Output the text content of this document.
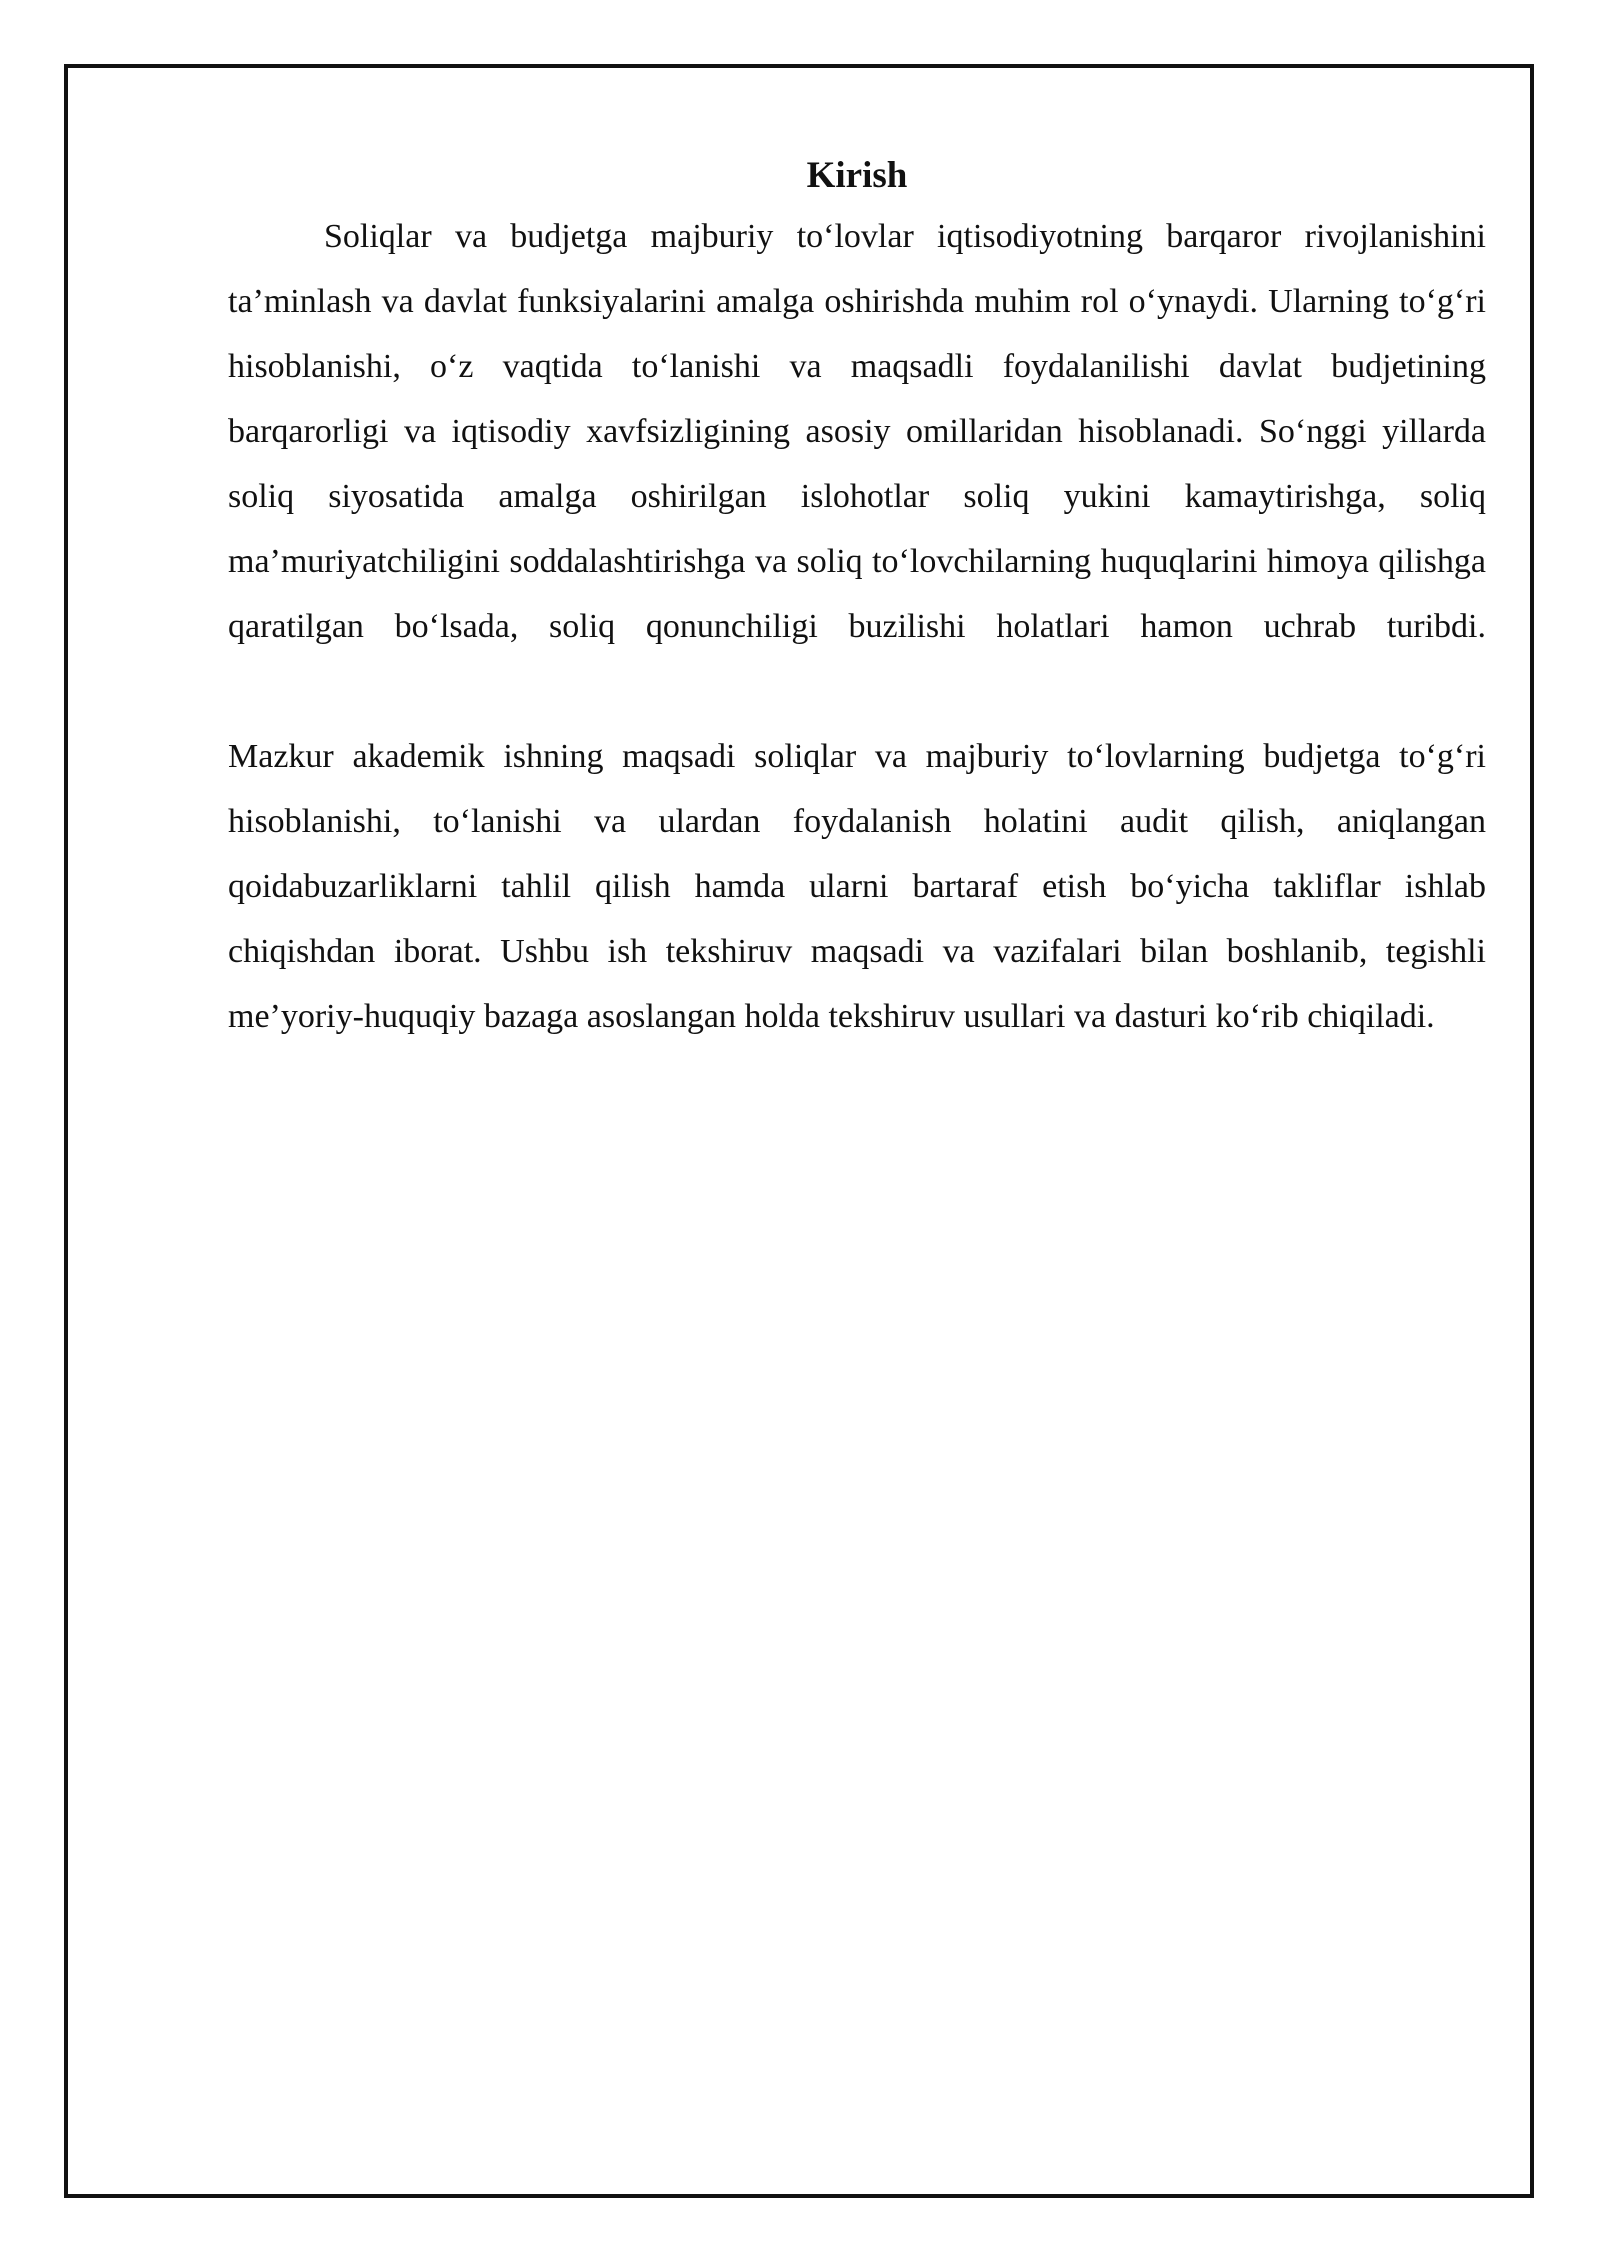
Kirish

Soliqlar va budjetga majburiy to‘lovlar iqtisodiyotning barqaror rivojlanishini ta’minlash va davlat funksiyalarini amalga oshirishda muhim rol o‘ynaydi. Ularning to‘g‘ri hisoblanishi, o‘z vaqtida to‘lanishi va maqsadli foydalanilishi davlat budjetining barqarorligi va iqtisodiy xavfsizligining asosiy omillaridan hisoblanadi. So‘nggi yillarda soliq siyosatida amalga oshirilgan islohotlar soliq yukini kamaytirishga, soliq ma’muriyatchiligini soddalashtirishga va soliq to‘lovchilarning huquqlarini himoya qilishga qaratilgan bo‘lsada, soliq qonunchiligi buzilishi holatlari hamon uchrab turibdi.

Mazkur akademik ishning maqsadi soliqlar va majburiy to‘lovlarning budjetga to‘g‘ri hisoblanishi, to‘lanishi va ulardan foydalanish holatini audit qilish, aniqlangan qoidabuzarliklarni tahlil qilish hamda ularni bartaraf etish bo‘yicha takliflar ishlab chiqishdan iborat. Ushbu ish tekshiruv maqsadi va vazifalari bilan boshlanib, tegishli me’yoriy-huquqiy bazaga asoslangan holda tekshiruv usullari va dasturi ko‘rib chiqiladi.
